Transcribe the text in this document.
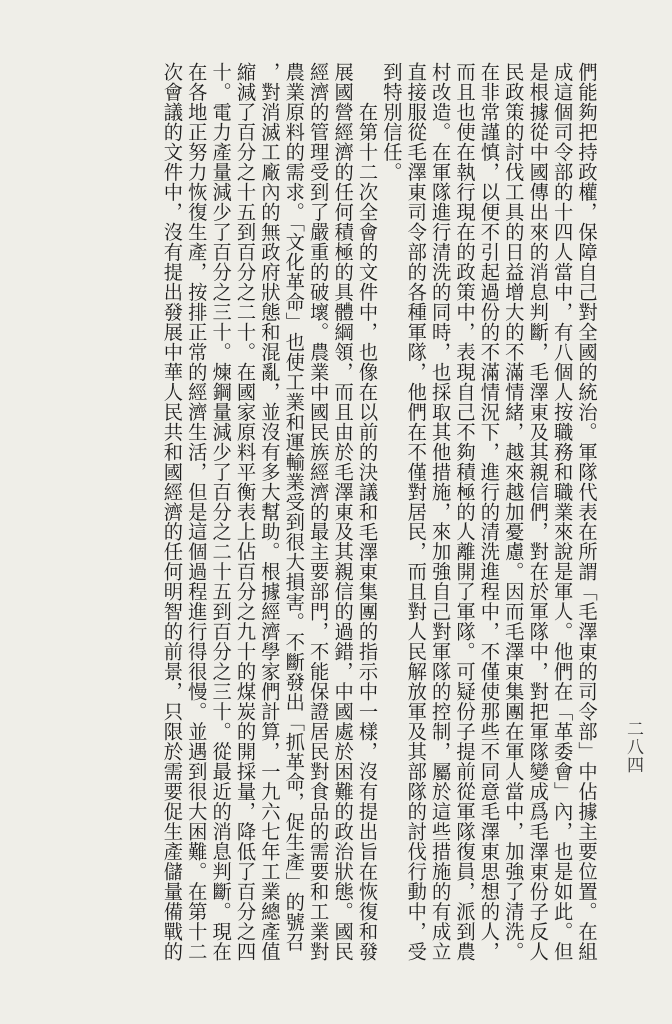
二八四
們能夠把持政權，保障自己對全國的統治。軍隊代表在所謂「毛澤東的司令部」中佔據主要位置。在組
成這個司令部的十四人當中，有八個人按職務和職業來說是軍人。他們在「革委會」內，也是如此。但
是根據從中國傳出來的消息判斷，毛澤東及其親信們，對在於軍隊中，對把軍隊變成爲毛澤東份子反人
民政策的討伐工具的日益增大的不滿情緒，越來越加憂慮。因而毛澤東集團在軍人當中，加強了清洗。
在非常謹慎，以便不引起過份的不滿情況下，進行的清洗進程中，不僅使那些不同意毛澤東思想的人，
而且也使在執行現在的政策中，表現自己不夠積極的人離開了軍隊。可疑份子提前從軍隊復員，派到農
村改造。在軍隊進行清洗的同時，也採取其他措施，來加強自己對軍隊的控制，屬於這些措施的有成立
直接服從毛澤東司令部的各種軍隊，他們在不僅對居民，而且對人民解放軍及其部隊的討伐行動中，受
到特別信任。
在第十二次全會的文件中，也像在以前的決議和毛澤東集團的指示中一樣，沒有提出旨在恢復和發
展國營經濟的任何積極的具體綱領，而且由於毛澤東及其親信的過錯，中國處於困難的政治狀態。國民
經濟的管理受到了嚴重的破壞。農業中國民族經濟的最主要部門，不能保證居民對食品的需要和工業對
農業原料的需求。「文化革命」也使工業和運輸業受到很大損害。不斷發出「抓革命，促生產」的號召
，對消滅工廠內的無政府狀態和混亂，並沒有多大幫助。根據經濟學家們計算，一九六七年工業總產值
縮減了百分之十五到百分之二十。在國家原料平衡表上佔百分之九十的煤炭的開採量，降低了百分之四
十。電力產量減少了百分之三十。煉鋼量減少了百分之二十五到百分之三十。從最近的消息判斷。現在
在各地正努力恢復生產，按排正常的經濟生活，但是這個過程進行得很慢。並遇到很大困難。在第十二
次會議的文件中，沒有提出發展中華人民共和國經濟的任何明智的前景，只限於需要促生產儲量備戰的
